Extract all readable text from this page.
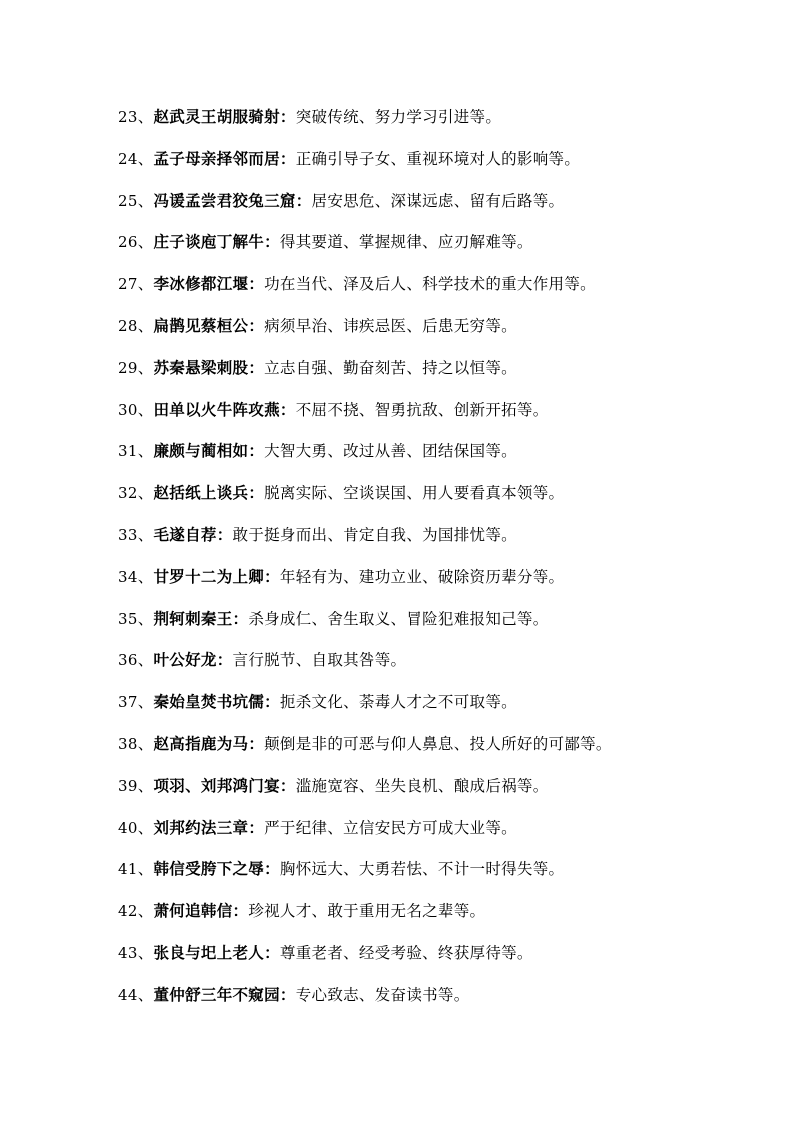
23、赵武灵王胡服骑射：突破传统、努力学习引进等。
24、孟子母亲择邻而居：正确引导子女、重视环境对人的影响等。
25、冯谖孟尝君狡兔三窟：居安思危、深谋远虑、留有后路等。
26、庄子谈庖丁解牛：得其要道、掌握规律、应刃解难等。
27、李冰修都江堰：功在当代、泽及后人、科学技术的重大作用等。
28、扁鹊见蔡桓公：病须早治、讳疾忌医、后患无穷等。
29、苏秦悬梁刺股：立志自强、勤奋刻苦、持之以恒等。
30、田单以火牛阵攻燕：不屈不挠、智勇抗敌、创新开拓等。
31、廉颇与蔺相如：大智大勇、改过从善、团结保国等。
32、赵括纸上谈兵：脱离实际、空谈误国、用人要看真本领等。
33、毛遂自荐：敢于挺身而出、肯定自我、为国排忧等。
34、甘罗十二为上卿：年轻有为、建功立业、破除资历辈分等。
35、荆轲刺秦王：杀身成仁、舍生取义、冒险犯难报知己等。
36、叶公好龙：言行脱节、自取其咎等。
37、秦始皇焚书坑儒：扼杀文化、荼毒人才之不可取等。
38、赵高指鹿为马：颠倒是非的可恶与仰人鼻息、投人所好的可鄙等。
39、项羽、刘邦鸿门宴：滥施宽容、坐失良机、酿成后祸等。
40、刘邦约法三章：严于纪律、立信安民方可成大业等。
41、韩信受胯下之辱：胸怀远大、大勇若怯、不计一时得失等。
42、萧何追韩信：珍视人才、敢于重用无名之辈等。
43、张良与圯上老人：尊重老者、经受考验、终获厚待等。
44、董仲舒三年不窥园：专心致志、发奋读书等。
